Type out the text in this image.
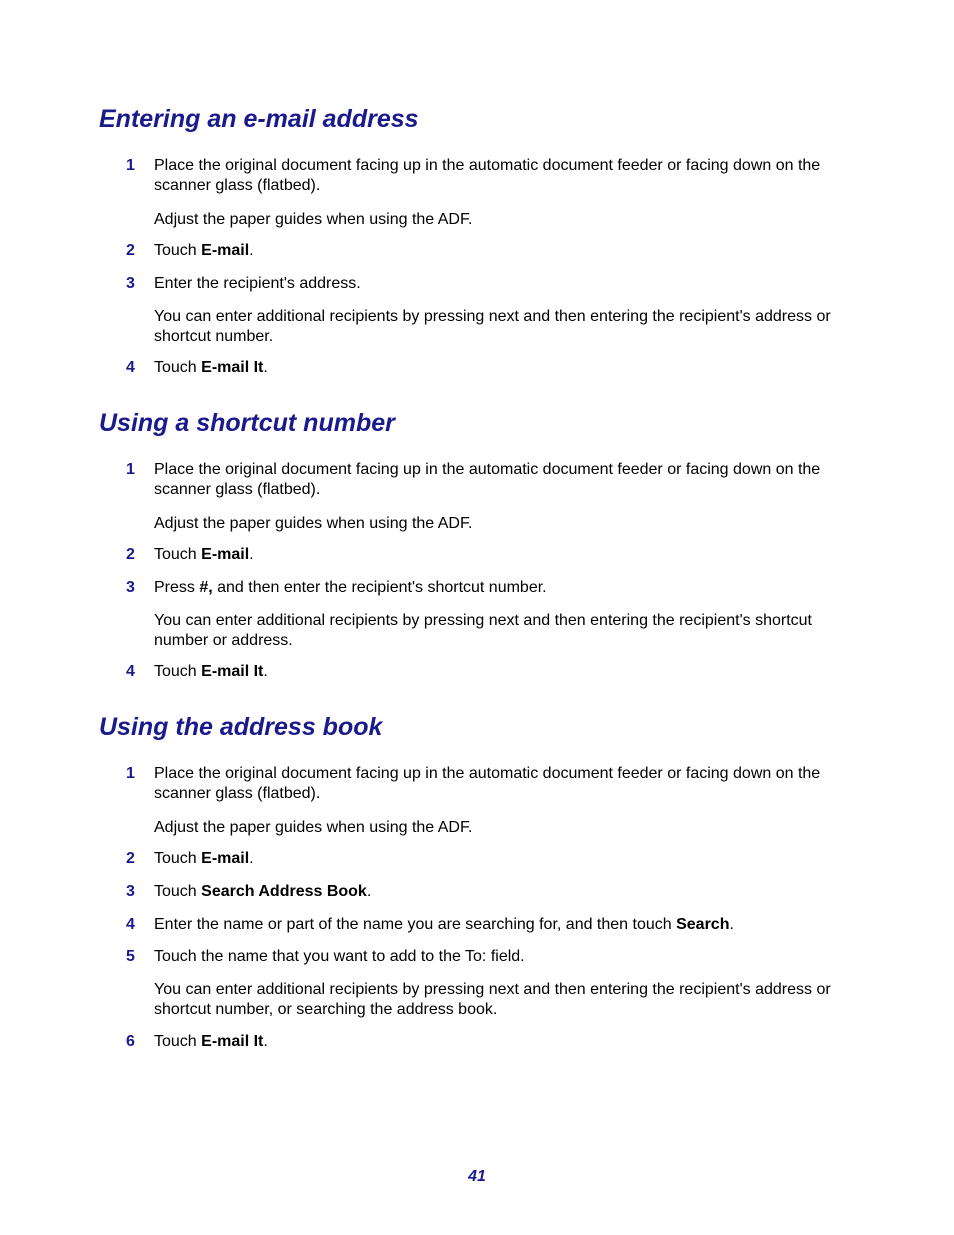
Entering an e-mail address
1	Place the original document facing up in the automatic document feeder or facing down on the scanner glass (flatbed).
Adjust the paper guides when using the ADF.
2	Touch E-mail.
3	Enter the recipient's address.
You can enter additional recipients by pressing next and then entering the recipient's address or shortcut number.
4	Touch E-mail It.
Using a shortcut number
1	Place the original document facing up in the automatic document feeder or facing down on the scanner glass (flatbed).
Adjust the paper guides when using the ADF.
2	Touch E-mail.
3	Press #, and then enter the recipient's shortcut number.
You can enter additional recipients by pressing next and then entering the recipient's shortcut number or address.
4	Touch E-mail It.
Using the address book
1	Place the original document facing up in the automatic document feeder or facing down on the scanner glass (flatbed).
Adjust the paper guides when using the ADF.
2	Touch E-mail.
3	Touch Search Address Book.
4	Enter the name or part of the name you are searching for, and then touch Search.
5	Touch the name that you want to add to the To: field.
You can enter additional recipients by pressing next and then entering the recipient's address or shortcut number, or searching the address book.
6	Touch E-mail It.
41
